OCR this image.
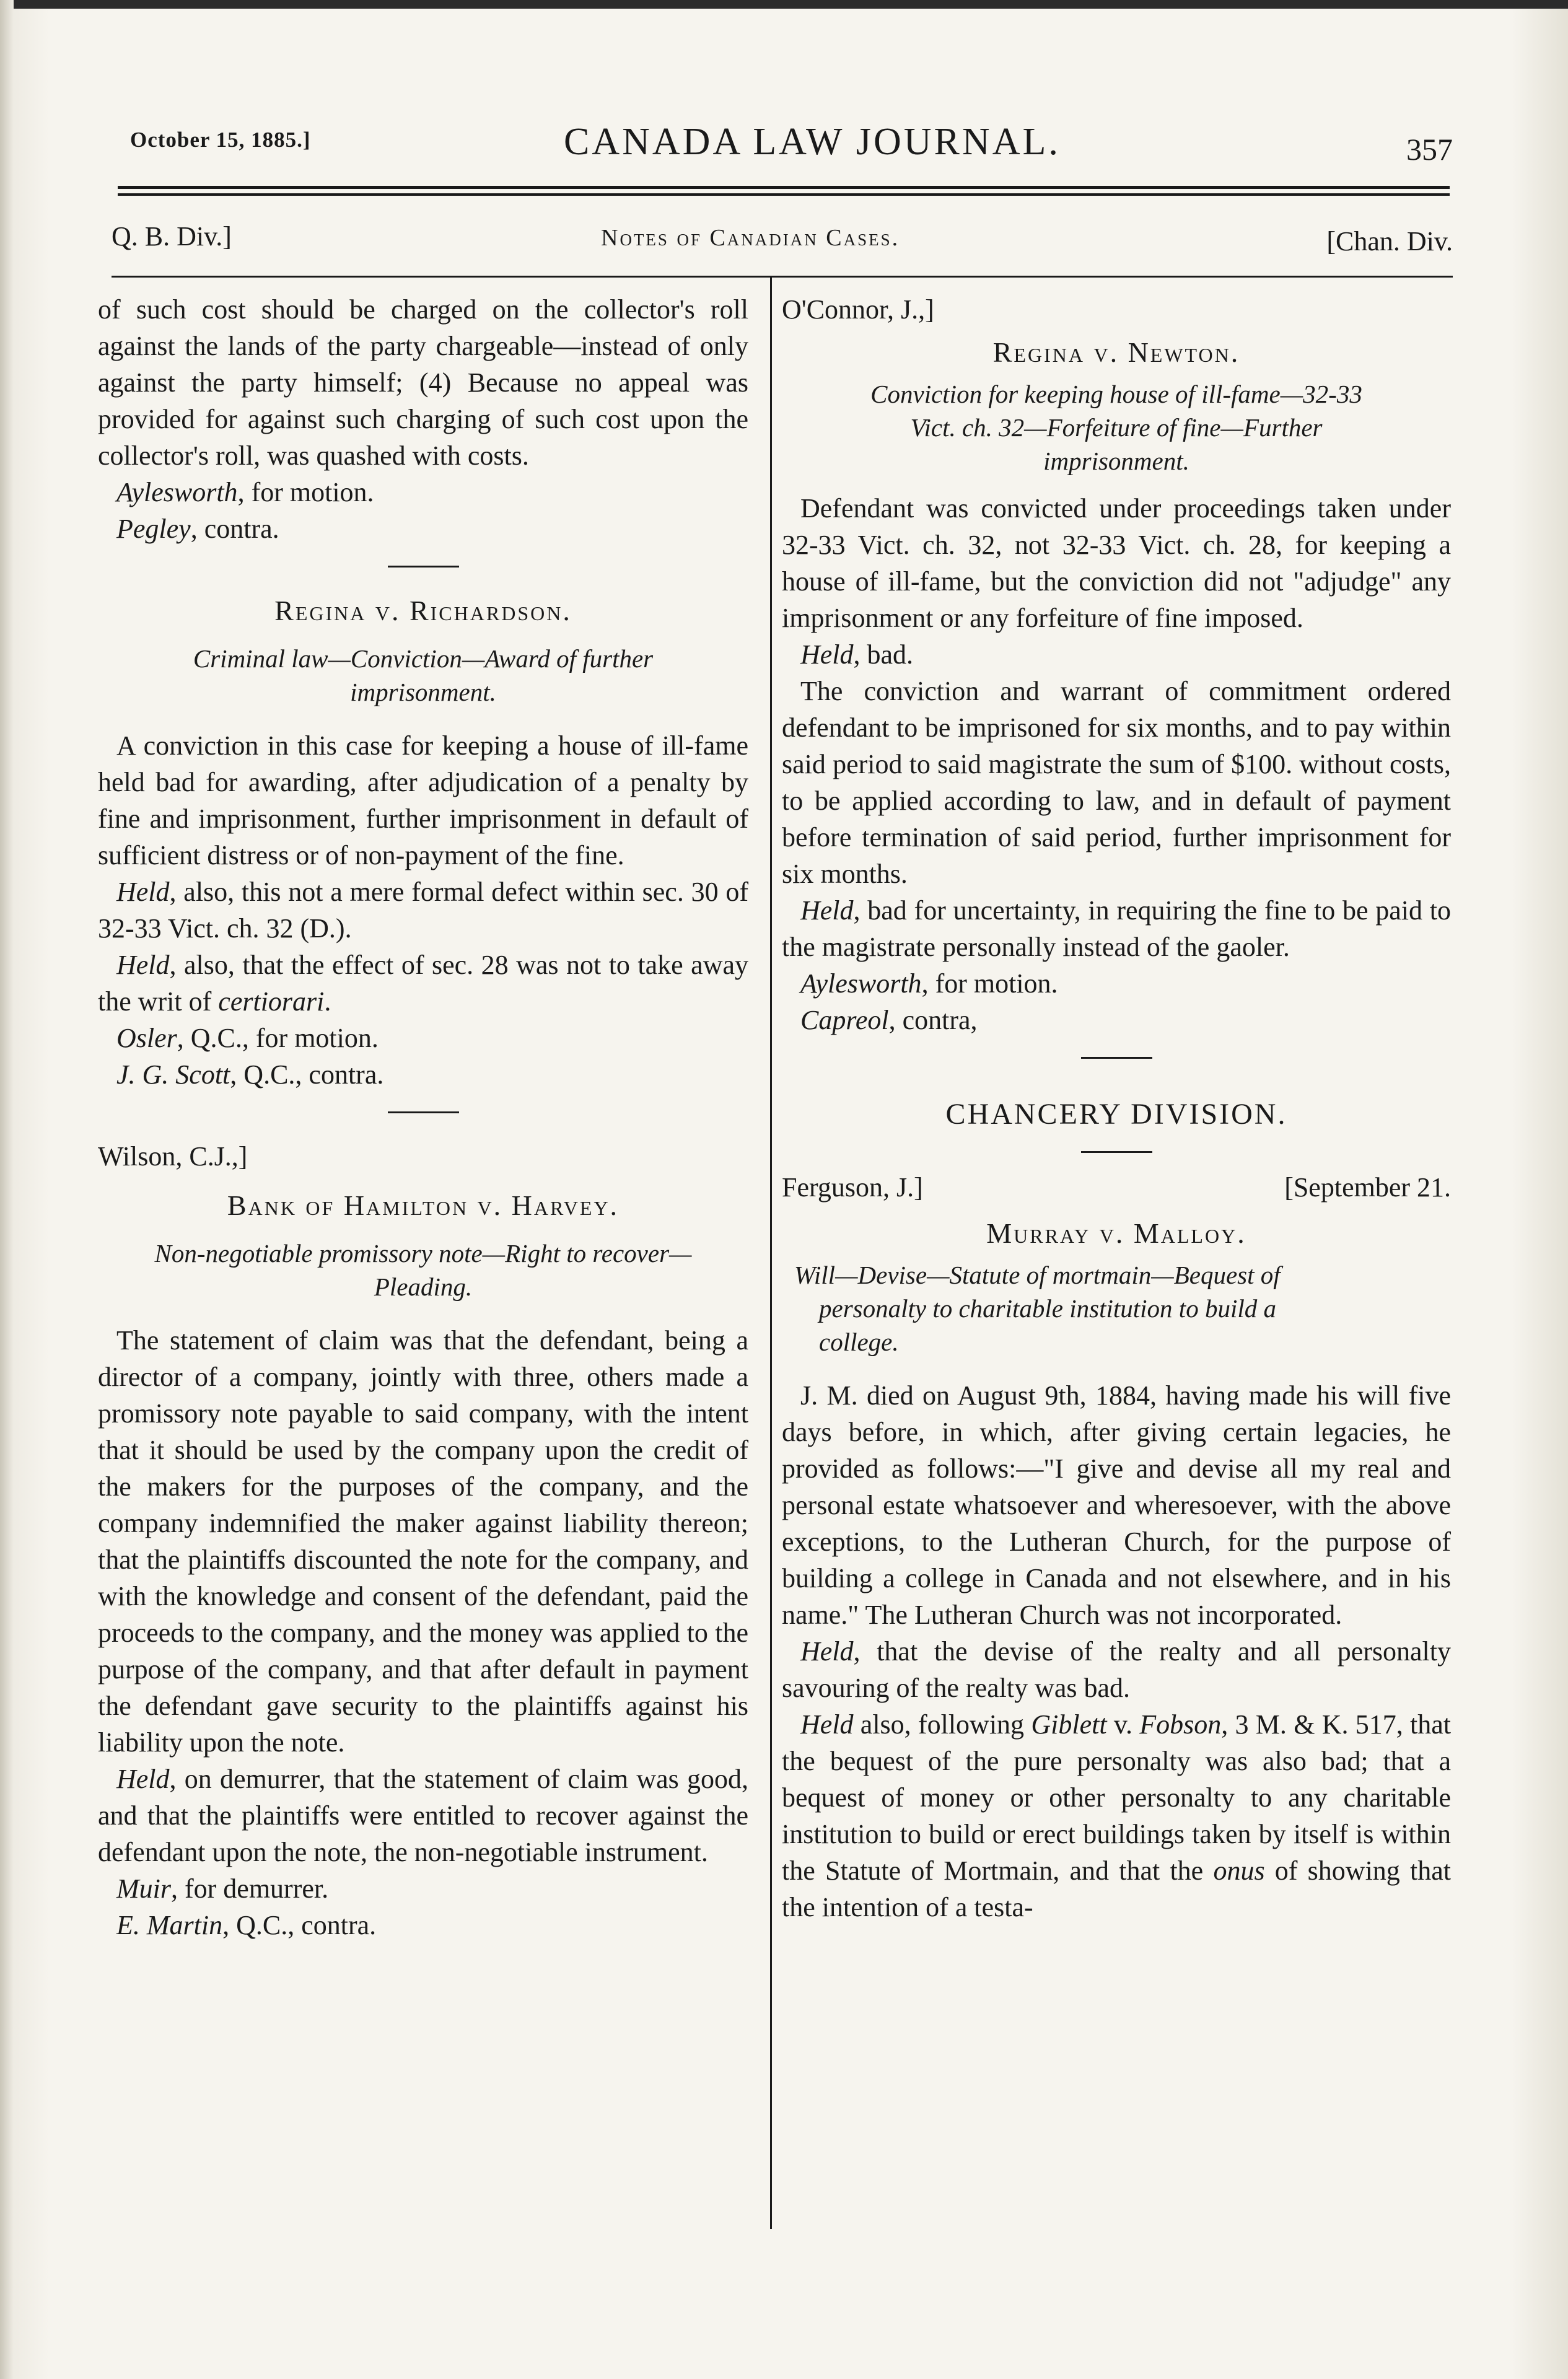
October 15, 1885.]	CANADA LAW JOURNAL.	357
Q. B. Div.]	Notes of Canadian Cases.	[Chan. Div.

of such cost should be charged on the collector's roll against the lands of the party chargeable—instead of only against the party himself; (4) Because no appeal was provided for against such charging of such cost upon the collector's roll, was quashed with costs.

Aylesworth, for motion.

Pegley, contra.

Regina v. Richardson.

Criminal law—Conviction—Award of further
imprisonment.

A conviction in this case for keeping a house of ill-fame held bad for awarding, after adjudication of a penalty by fine and imprisonment, further imprisonment in default of sufficient distress or of non-payment of the fine.

Held, also, this not a mere formal defect within sec. 30 of 32-33 Vict. ch. 32 (D.).

Held, also, that the effect of sec. 28 was not to take away the writ of certiorari.

Osler, Q.C., for motion.

J. G. Scott, Q.C., contra.

Wilson, C.J.,]

Bank of Hamilton v. Harvey.

Non-negotiable promissory note—Right to recover—
Pleading.

The statement of claim was that the defendant, being a director of a company, jointly with three, others made a promissory note payable to said company, with the intent that it should be used by the company upon the credit of the makers for the purposes of the company, and the company indemnified the maker against liability thereon; that the plaintiffs discounted the note for the company, and with the knowledge and consent of the defendant, paid the proceeds to the company, and the money was applied to the purpose of the company, and that after default in payment the defendant gave security to the plaintiffs against his liability upon the note.

Held, on demurrer, that the statement of claim was good, and that the plaintiffs were entitled to recover against the defendant upon the note, the non-negotiable instrument.

Muir, for demurrer.

E. Martin, Q.C., contra.

O'Connor, J.,]

Regina v. Newton.

Conviction for keeping house of ill-fame—32-33
Vict. ch. 32—Forfeiture of fine—Further
imprisonment.

Defendant was convicted under proceedings taken under 32-33 Vict. ch. 32, not 32-33 Vict. ch. 28, for keeping a house of ill-fame, but the conviction did not "adjudge" any imprisonment or any forfeiture of fine imposed.

Held, bad.

The conviction and warrant of commitment ordered defendant to be imprisoned for six months, and to pay within said period to said magistrate the sum of $100. without costs, to be applied according to law, and in default of payment before termination of said period, further imprisonment for six months.

Held, bad for uncertainty, in requiring the fine to be paid to the magistrate personally instead of the gaoler.

Aylesworth, for motion.

Capreol, contra,

CHANCERY DIVISION.

Ferguson, J.]	[September 21.

Murray v. Malloy.

Will—Devise—Statute of mortmain—Bequest of
personalty to charitable institution to build a
college.

J. M. died on August 9th, 1884, having made his will five days before, in which, after giving certain legacies, he provided as follows:—"I give and devise all my real and personal estate whatsoever and wheresoever, with the above exceptions, to the Lutheran Church, for the purpose of building a college in Canada and not elsewhere, and in his name." The Lutheran Church was not incorporated.

Held, that the devise of the realty and all personalty savouring of the realty was bad.

Held also, following Giblett v. Fobson, 3 M. & K. 517, that the bequest of the pure personalty was also bad; that a bequest of money or other personalty to any charitable institution to build or erect buildings taken by itself is within the Statute of Mortmain, and that the onus of showing that the intention of a testa-
